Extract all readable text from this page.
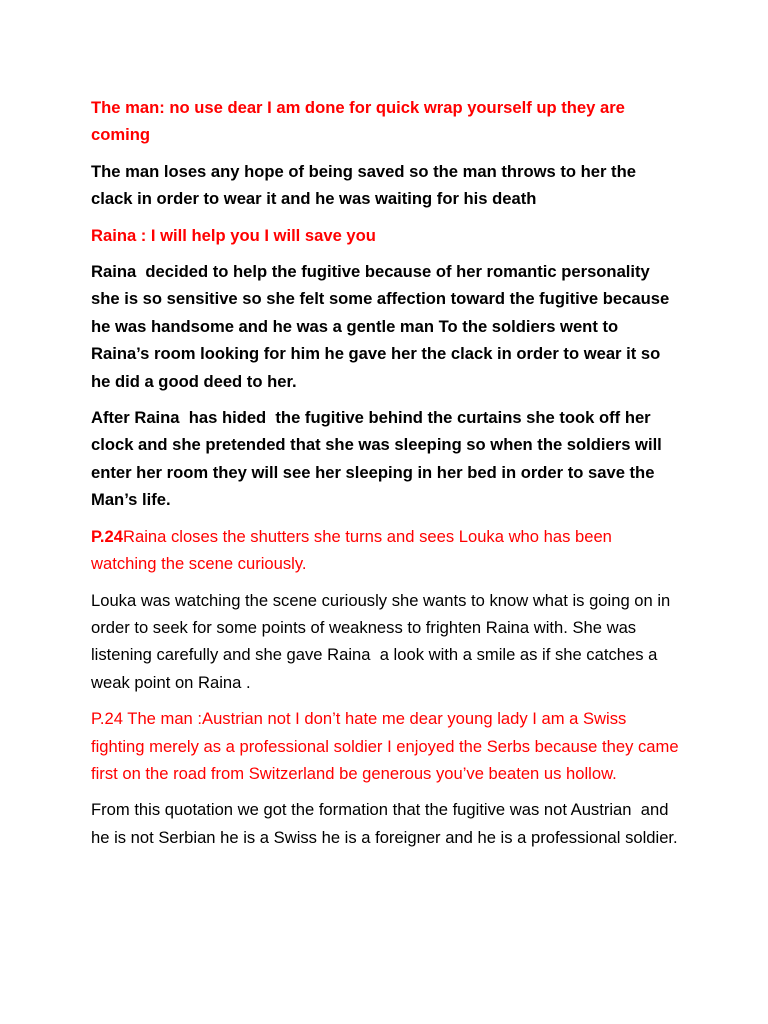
The man: no use dear I am done for quick wrap yourself up they are coming

The man loses any hope of being saved so the man throws to her the clack in order to wear it and he was waiting for his death

Raina : I will help you I will save you

Raina  decided to help the fugitive because of her romantic personality she is so sensitive so she felt some affection toward the fugitive because he was handsome and he was a gentle man To the soldiers went to Raina’s room looking for him he gave her the clack in order to wear it so he did a good deed to her.

After Raina  has hided  the fugitive behind the curtains she took off her clock and she pretended that she was sleeping so when the soldiers will enter her room they will see her sleeping in her bed in order to save the Man’s life.

P.24Raina closes the shutters she turns and sees Louka who has been watching the scene curiously.

Louka was watching the scene curiously she wants to know what is going on in order to seek for some points of weakness to frighten Raina with. She was listening carefully and she gave Raina  a look with a smile as if she catches a weak point on Raina .

P.24 The man :Austrian not I don’t hate me dear young lady I am a Swiss fighting merely as a professional soldier I enjoyed the Serbs because they came first on the road from Switzerland be generous you’ve beaten us hollow.

From this quotation we got the formation that the fugitive was not Austrian  and he is not Serbian he is a Swiss he is a foreigner and he is a professional soldier.
